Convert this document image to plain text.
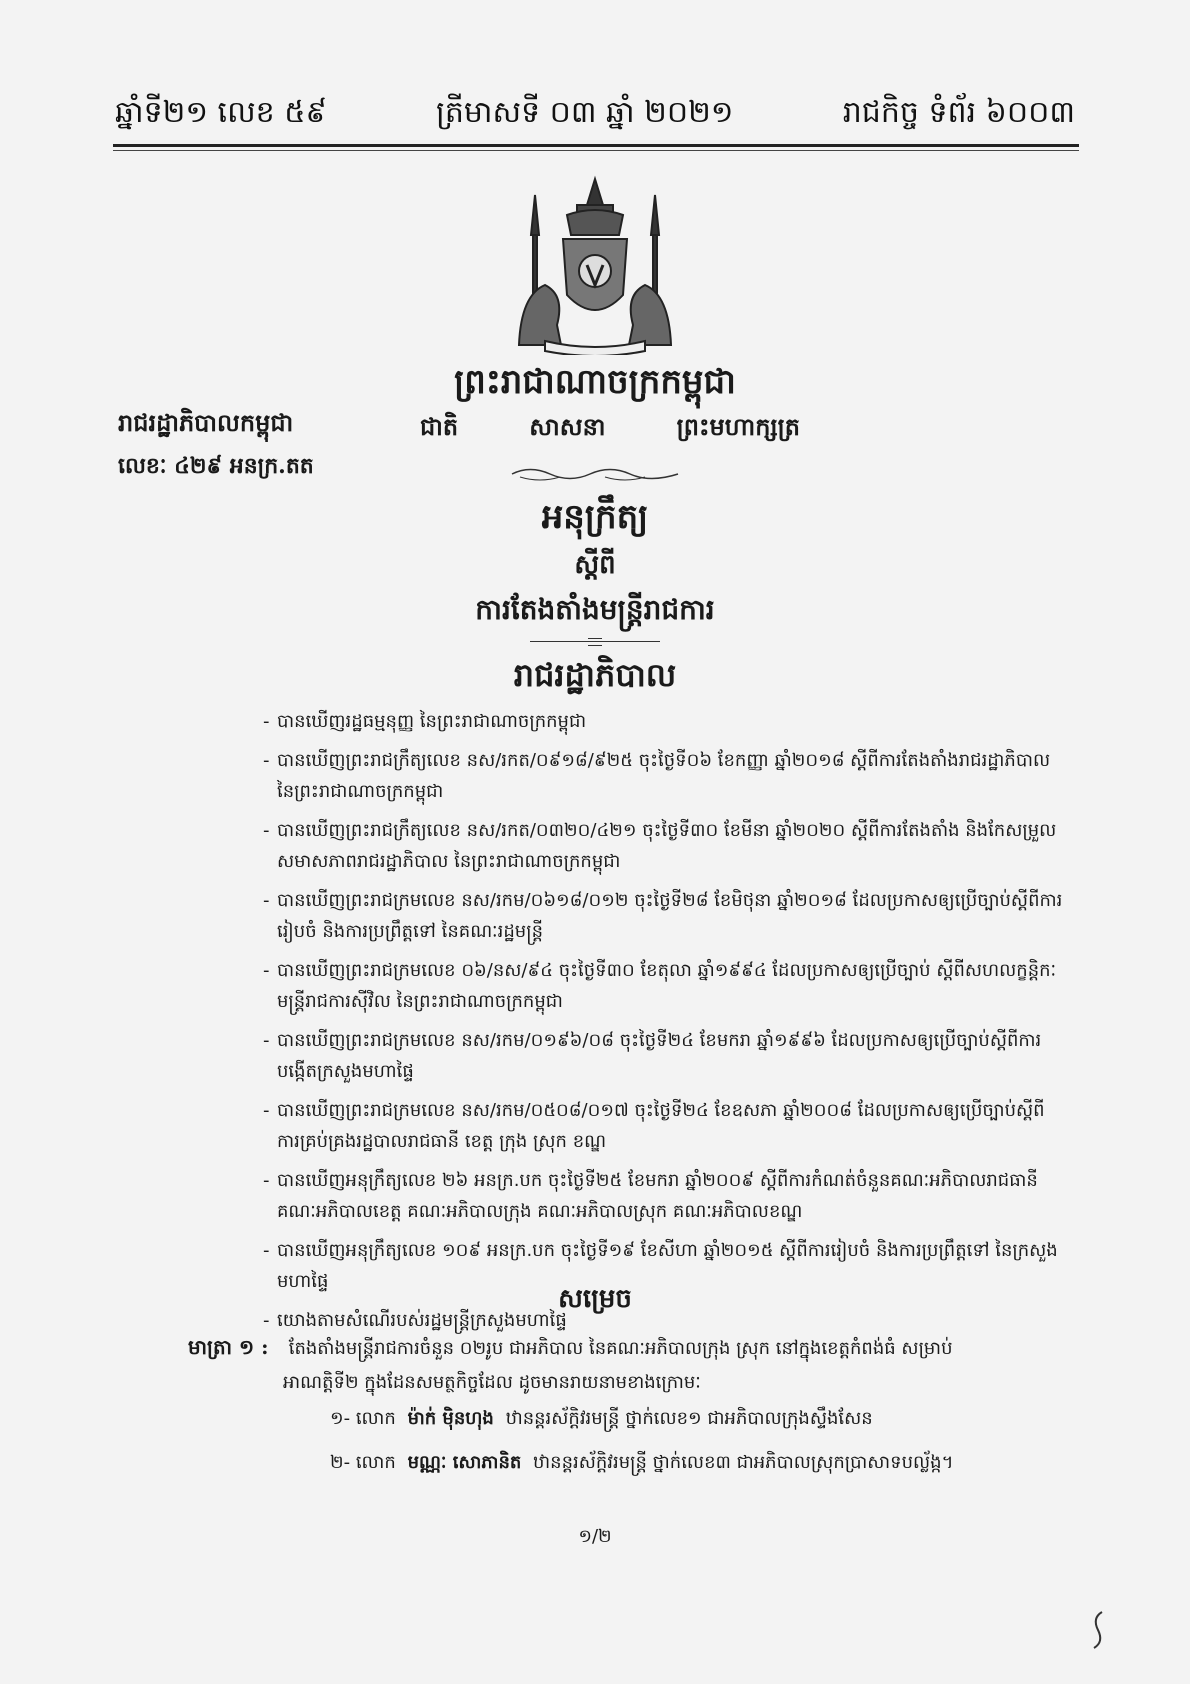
ឆ្នាំទី២១ លេខ ៥៩	ត្រីមាសទី ០៣ ឆ្នាំ ២០២១	រាជកិច្ច ទំព័រ ៦០០៣
ព្រះរាជាណាចក្រកម្ពុជា
រាជរដ្ឋាភិបាលកម្ពុជា
លេខៈ ៤២៩ អនក្រ.តត
ជាតិ	សាសនា	ព្រះមហាក្សត្រ
អនុក្រឹត្យ
ស្តីពី
ការតែងតាំងមន្ត្រីរាជការ
រាជរដ្ឋាភិបាល
- បានឃើញរដ្ឋធម្មនុញ្ញ នៃព្រះរាជាណាចក្រកម្ពុជា
- បានឃើញព្រះរាជក្រឹត្យលេខ នស/រកត/០៩១៨/៩២៥ ចុះថ្ងៃទី០៦ ខែកញ្ញា ឆ្នាំ២០១៨ ស្តីពីការតែងតាំងរាជរដ្ឋាភិបាល នៃព្រះរាជាណាចក្រកម្ពុជា
- បានឃើញព្រះរាជក្រឹត្យលេខ នស/រកត/០៣២០/៤២១ ចុះថ្ងៃទី៣០ ខែមីនា ឆ្នាំ២០២០ ស្តីពីការតែងតាំង និងកែសម្រួលសមាសភាពរាជរដ្ឋាភិបាល នៃព្រះរាជាណាចក្រកម្ពុជា
- បានឃើញព្រះរាជក្រមលេខ នស/រកម/០៦១៨/០១២ ចុះថ្ងៃទី២៨ ខែមិថុនា ឆ្នាំ២០១៨ ដែលប្រកាសឲ្យប្រើច្បាប់ស្តីពីការរៀបចំ និងការប្រព្រឹត្តទៅ នៃគណៈរដ្ឋមន្ត្រី
- បានឃើញព្រះរាជក្រមលេខ ០៦/នស/៩៤ ចុះថ្ងៃទី៣០ ខែតុលា ឆ្នាំ១៩៩៤ ដែលប្រកាសឲ្យប្រើច្បាប់ ស្តីពីសហលក្ខន្តិកៈមន្ត្រីរាជការស៊ីវិល នៃព្រះរាជាណាចក្រកម្ពុជា
- បានឃើញព្រះរាជក្រមលេខ នស/រកម/០១៩៦/០៨ ចុះថ្ងៃទី២៤ ខែមករា ឆ្នាំ១៩៩៦ ដែលប្រកាសឲ្យប្រើច្បាប់ស្តីពីការបង្កើតក្រសួងមហាផ្ទៃ
- បានឃើញព្រះរាជក្រមលេខ នស/រកម/០៥០៨/០១៧ ចុះថ្ងៃទី២៤ ខែឧសភា ឆ្នាំ២០០៨ ដែលប្រកាសឲ្យប្រើច្បាប់ស្តីពីការគ្រប់គ្រងរដ្ឋបាលរាជធានី ខេត្ត ក្រុង ស្រុក ខណ្ឌ
- បានឃើញអនុក្រឹត្យលេខ ២៦ អនក្រ.បក ចុះថ្ងៃទី២៥ ខែមករា ឆ្នាំ២០០៩ ស្តីពីការកំណត់ចំនួនគណៈអភិបាលរាជធានី គណៈអភិបាលខេត្ត គណៈអភិបាលក្រុង គណៈអភិបាលស្រុក គណៈអភិបាលខណ្ឌ
- បានឃើញអនុក្រឹត្យលេខ ១០៩ អនក្រ.បក ចុះថ្ងៃទី១៩ ខែសីហា ឆ្នាំ២០១៥ ស្តីពីការរៀបចំ និងការប្រព្រឹត្តទៅ នៃក្រសួងមហាផ្ទៃ
- យោងតាមសំណើរបស់រដ្ឋមន្ត្រីក្រសួងមហាផ្ទៃ
សម្រេច
មាត្រា ១ : តែងតាំងមន្ត្រីរាជការចំនួន ០២រូប ជាអភិបាល នៃគណៈអភិបាលក្រុង ស្រុក នៅក្នុងខេត្តកំពង់ធំ សម្រាប់
អាណត្តិទី២ ក្នុងដែនសមត្ថកិច្ចដែល ដូចមានរាយនាមខាងក្រោមៈ
១- លោក ម៉ាក់ ម៉ិនហុង ឋានន្តរស័ក្តិវរមន្ត្រី ថ្នាក់លេខ១ ជាអភិបាលក្រុងស្ទឹងសែន
២- លោក មណ្ណៈ សោភានិត ឋានន្តរស័ក្តិវរមន្ត្រី ថ្នាក់លេខ៣ ជាអភិបាលស្រុកប្រាសាទបល្ល័ង្ក។
១/២
